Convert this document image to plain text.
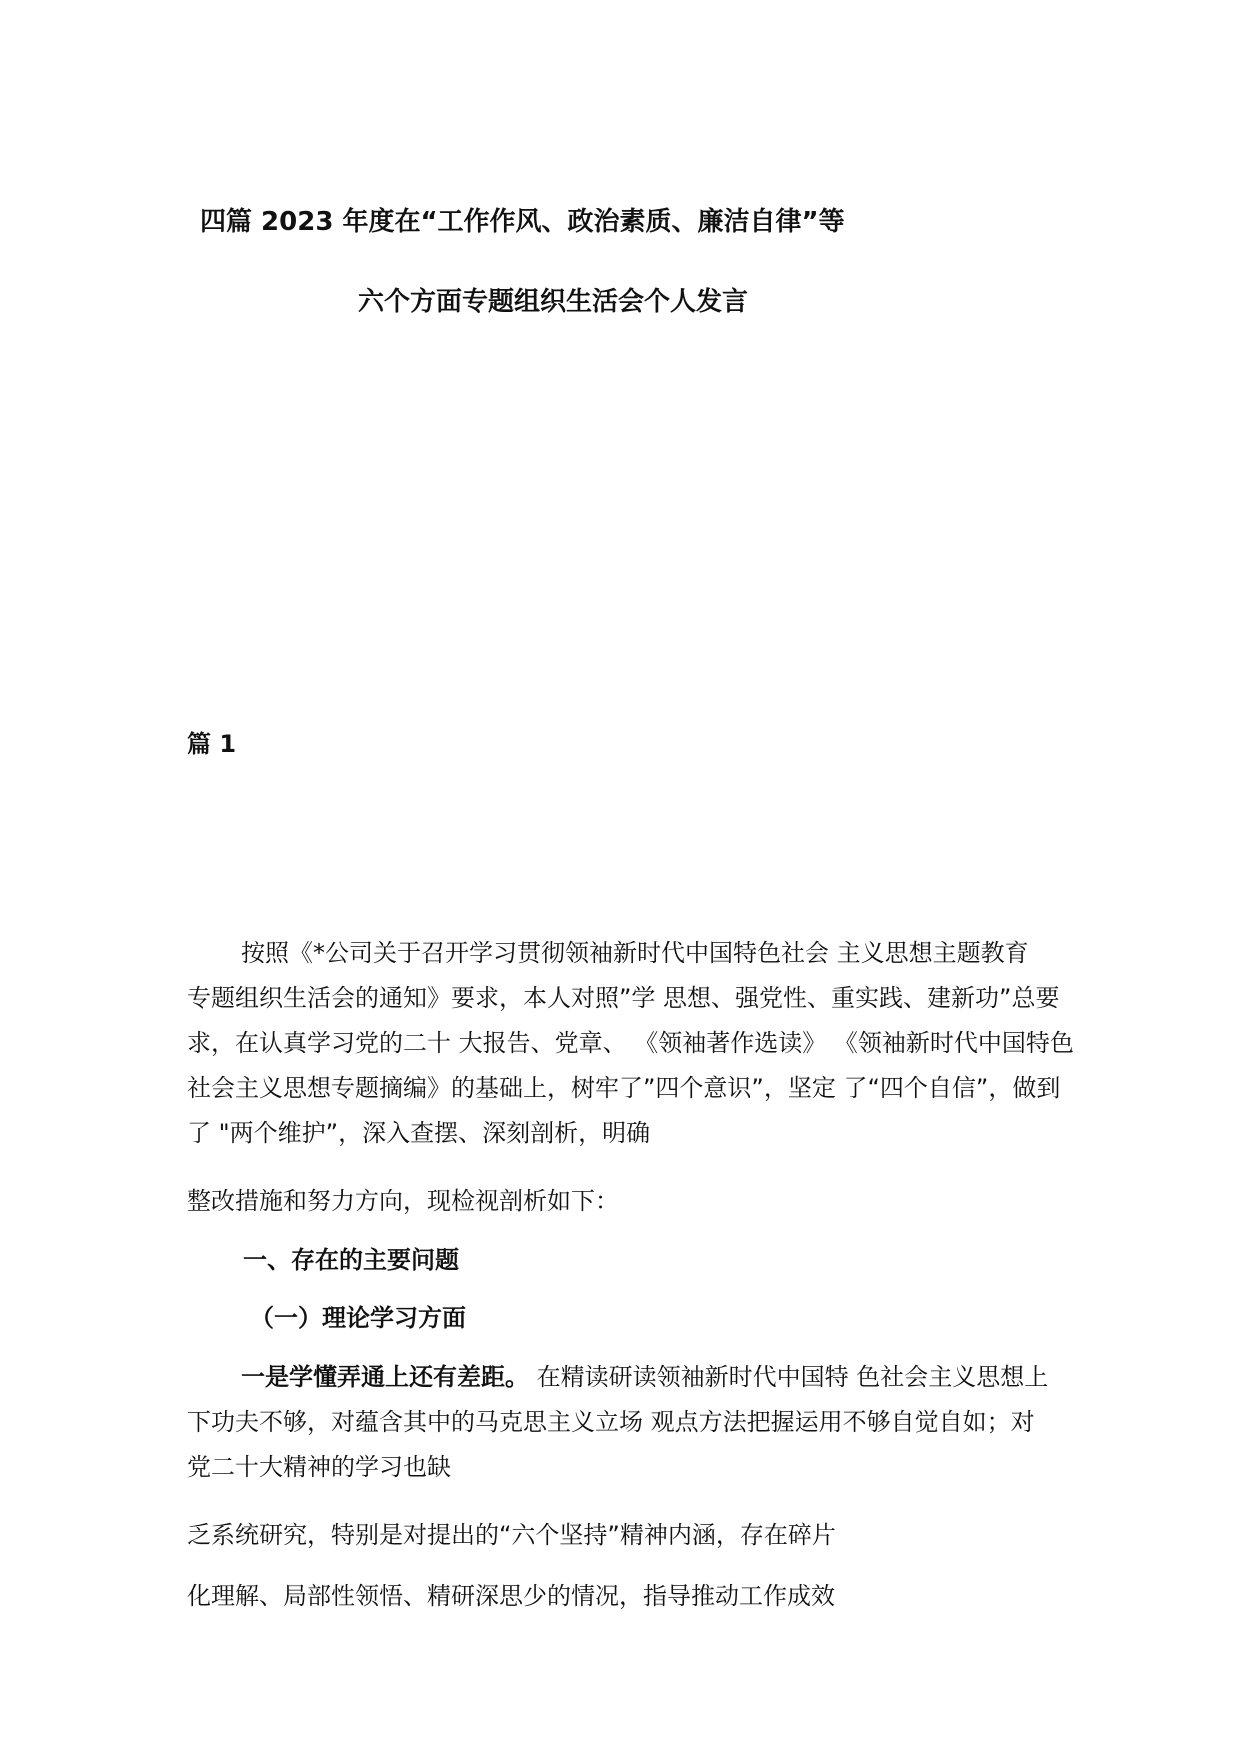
四篇 2023 年度在“工作作风、政治素质、廉洁自律”等
六个方面专题组织生活会个人发言
篇 1
按照《*公司关于召开学习贯彻领袖新时代中国特色社会 主义思想主题教育
专题组织生活会的通知》要求，本人对照”学 思想、强党性、重实践、建新功”总要
求，在认真学习党的二十 大报告、党章、 《领袖著作选读》 《领袖新时代中国特色
社会主义思想专题摘编》的基础上，树牢了”四个意识”，坚定 了“四个自信”，做到
了 "两个维护”，深入查摆、深刻剖析，明确
整改措施和努力方向，现检视剖析如下：
一、存在的主要问题
（一）理论学习方面
一是学懂弄通上还有差距。 在精读研读领袖新时代中国特 色社会主义思想上
下功夫不够，对蕴含其中的马克思主义立场 观点方法把握运用不够自觉自如；对
党二十大精神的学习也缺
乏系统研究，特别是对提出的“六个坚持”精神内涵，存在碎片
化理解、局部性领悟、精研深思少的情况，指导推动工作成效
